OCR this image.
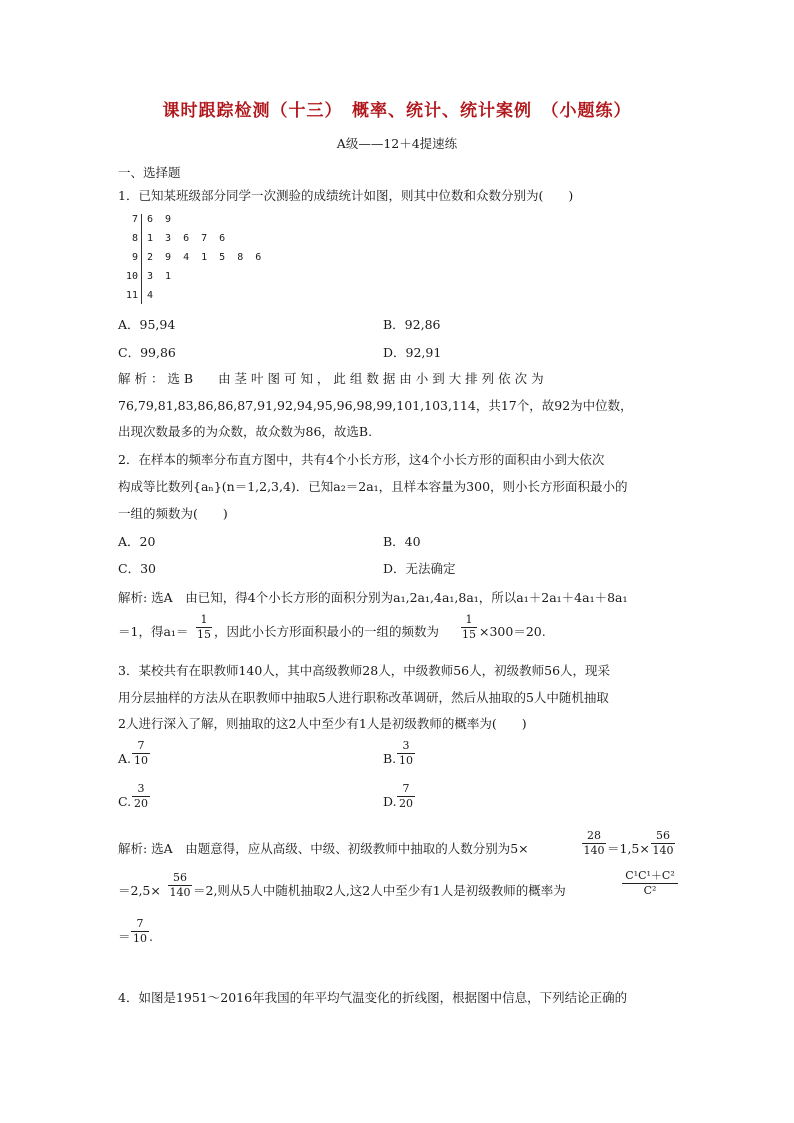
课时跟踪检测（十三）　概率、统计、统计案例　（小题练）
A级——12＋4提速练
一、选择题
1．已知某班级部分同学一次测验的成绩统计如图，则其中位数和众数分别为(　　)
7 6 9
8 1 3 6 7 6
9 2 9 4 1 5 8 6
10 3 1
11 4
A．95,94	B．92,86
C．99,86	D．92,91
解 析 ： 选 B　　由 茎 叶 图 可 知 ， 此 组 数 据 由 小 到 大 排 列 依 次 为
76,79,81,83,86,86,87,91,92,94,95,96,98,99,101,103,114，共17个，故92为中位数，
出现次数最多的为众数，故众数为86，故选B.
2．在样本的频率分布直方图中，共有4个小长方形，这4个小长方形的面积由小到大依次
构成等比数列{aₙ}(n＝1,2,3,4)．已知a₂＝2a₁，且样本容量为300，则小长方形面积最小的
一组的频数为(　　)
A．20	B．40
C．30	D．无法确定
解析: 选A　由已知，得4个小长方形的面积分别为a₁,2a₁,4a₁,8a₁，所以a₁＋2a₁＋4a₁＋8a₁
＝1，得a₁＝
1
15 ，因此小长方形面积最小的一组的频数为
1
15 ×300＝20.
3．某校共有在职教师140人，其中高级教师28人，中级教师56人，初级教师56人，现采
用分层抽样的方法从在职教师中抽取5人进行职称改革调研，然后从抽取的5人中随机抽取
2人进行深入了解，则抽取的这2人中至少有1人是初级教师的概率为(　　)
A.
7
10	B.
3
10
C.
3
20	D.
7
20
解析: 选A　由题意得，应从高级、中级、初级教师中抽取的人数分别为5×
28
140 ＝1,5×
56
140
＝2,5×
56
140 ＝2,则从5人中随机抽取2人,这2人中至少有1人是初级教师的概率为
C¹C¹＋C²
C²
＝
7
10 .
4．如图是1951～2016年我国的年平均气温变化的折线图，根据图中信息，下列结论正确的
